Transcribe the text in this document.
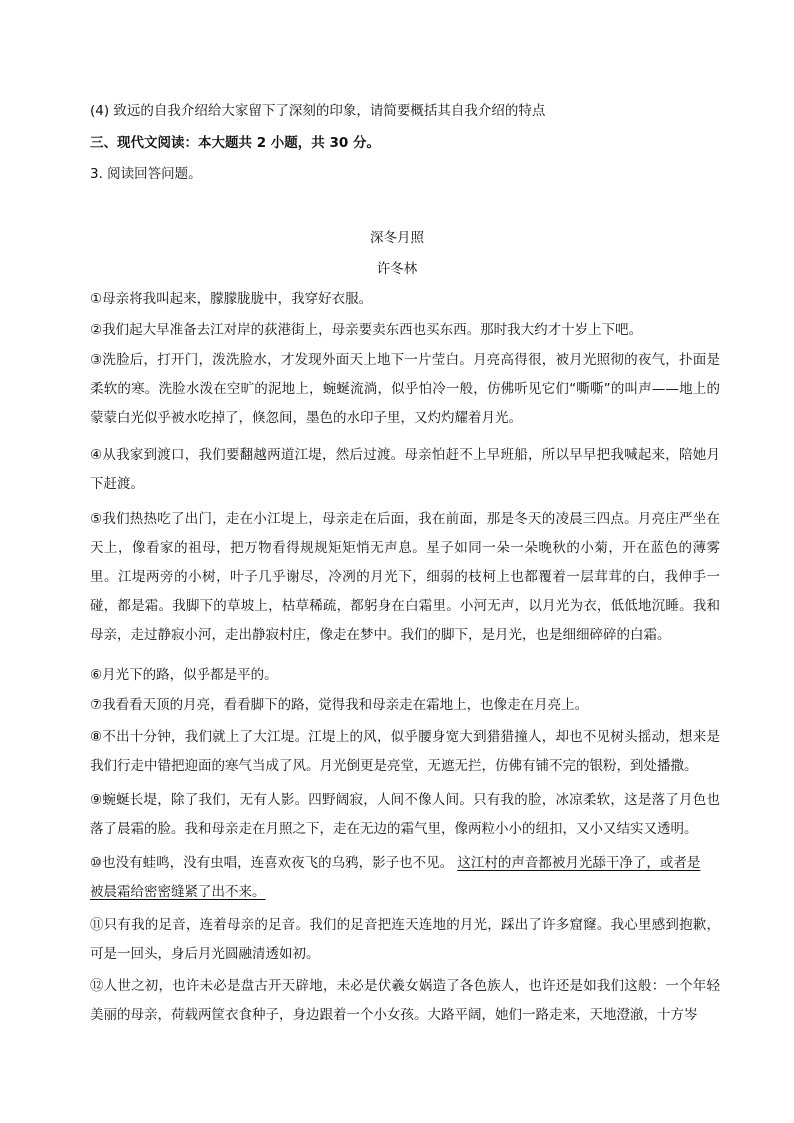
(4) 致远的自我介绍给大家留下了深刻的印象，请简要概括其自我介绍的特点
三、现代文阅读：本大题共 2 小题，共 30 分。
3. 阅读回答问题。
深冬月照
许冬林
①母亲将我叫起来，朦朦胧胧中，我穿好衣服。
②我们起大早准备去江对岸的荻港街上，母亲要卖东西也买东西。那时我大约才十岁上下吧。
③洗脸后，打开门，泼洗脸水，才发现外面天上地下一片莹白。月亮高得很，被月光照彻的夜气，扑面是柔软的寒。洗脸水泼在空旷的泥地上，蜿蜒流淌，似乎怕冷一般，仿佛听见它们“嘶嘶”的叫声——地上的蒙蒙白光似乎被水吃掉了，倏忽间，墨色的水印子里，又灼灼耀着月光。
④从我家到渡口，我们要翻越两道江堤，然后过渡。母亲怕赶不上早班船，所以早早把我喊起来，陪她月下赶渡。
⑤我们热热吃了出门，走在小江堤上，母亲走在后面，我在前面，那是冬天的凌晨三四点。月亮庄严坐在天上，像看家的祖母，把万物看得规规矩矩悄无声息。星子如同一朵一朵晚秋的小菊，开在蓝色的薄雾里。江堤两旁的小树，叶子几乎谢尽，冷冽的月光下，细弱的枝柯上也都覆着一层茸茸的白，我伸手一碰，都是霜。我脚下的草坡上，枯草稀疏，都躬身在白霜里。小河无声，以月光为衣，低低地沉睡。我和母亲，走过静寂小河，走出静寂村庄，像走在梦中。我们的脚下，是月光，也是细细碎碎的白霜。
⑥月光下的路，似乎都是平的。
⑦我看看天顶的月亮，看看脚下的路，觉得我和母亲走在霜地上，也像走在月亮上。
⑧不出十分钟，我们就上了大江堤。江堤上的风，似乎腰身宽大到猎猎撞人，却也不见树头摇动，想来是我们行走中错把迎面的寒气当成了风。月光倒更是亮堂，无遮无拦，仿佛有铺不完的银粉，到处播撒。
⑨蜿蜒长堤，除了我们，无有人影。四野阔寂，人间不像人间。只有我的脸，冰凉柔软，这是落了月色也落了晨霜的脸。我和母亲走在月照之下，走在无边的霜气里，像两粒小小的纽扣，又小又结实又透明。
⑩也没有蛙鸣，没有虫唱，连喜欢夜飞的乌鸦，影子也不见。 这江村的声音都被月光舔干净了，或者是
被晨霜给密密缝紧了出不来。
⑪只有我的足音，连着母亲的足音。我们的足音把连天连地的月光，踩出了许多窟窿。我心里感到抱歉，可是一回头，身后月光圆融清透如初。
⑫人世之初，也许未必是盘古开天辟地，未必是伏羲女娲造了各色族人，也许还是如我们这般：一个年轻美丽的母亲，荷载两筐衣食种子，身边跟着一个小女孩。大路平阔，她们一路走来，天地澄澈，十方岑
